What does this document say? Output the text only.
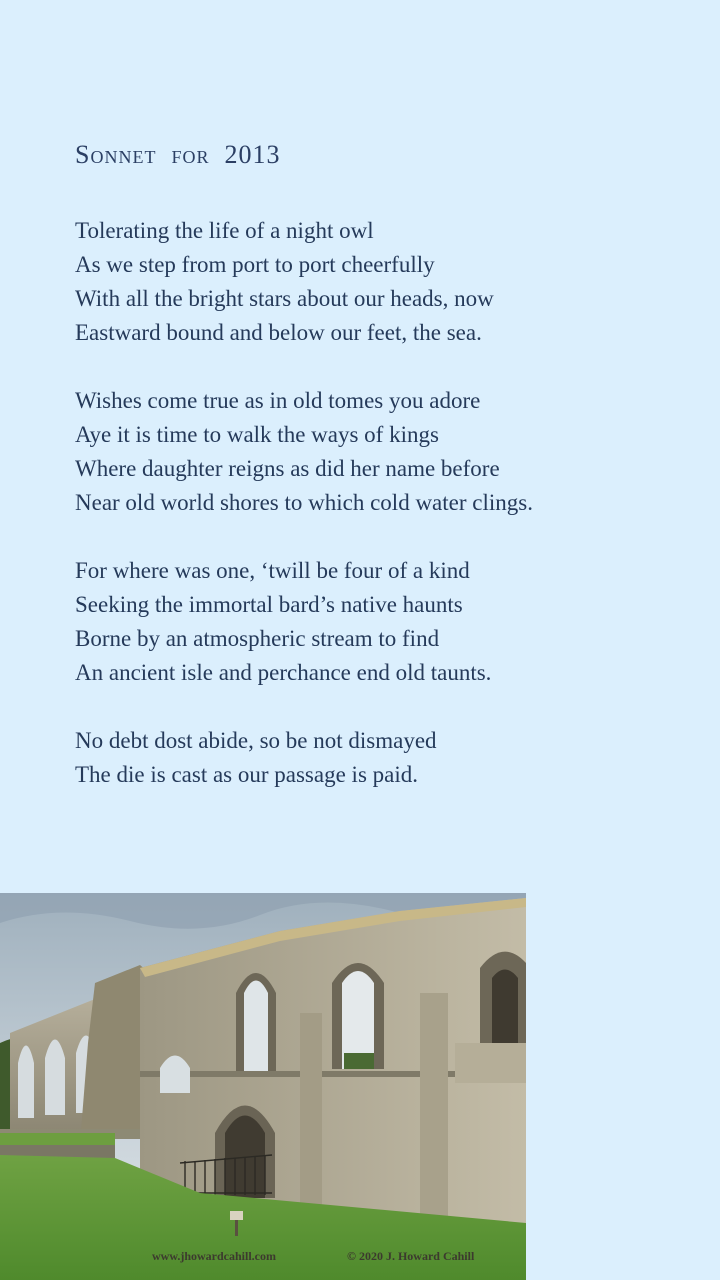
Sonnet  for  2013
Tolerating the life of a night owl
As we step from port to port cheerfully
With all the bright stars about our heads, now
Eastward bound and below our feet, the sea.
Wishes come true as in old tomes you adore
Aye it is time to walk the ways of kings
Where daughter reigns as did her name before
Near old world shores to which cold water clings.
For where was one, ‘twill be four of a kind
Seeking the immortal bard’s native haunts
Borne by an atmospheric stream to find
An ancient isle and perchance end old taunts.
No debt dost abide, so be not dismayed
The die is cast as our passage is paid.
www.jhowardcahill.com	© 2020 J. Howard Cahill
